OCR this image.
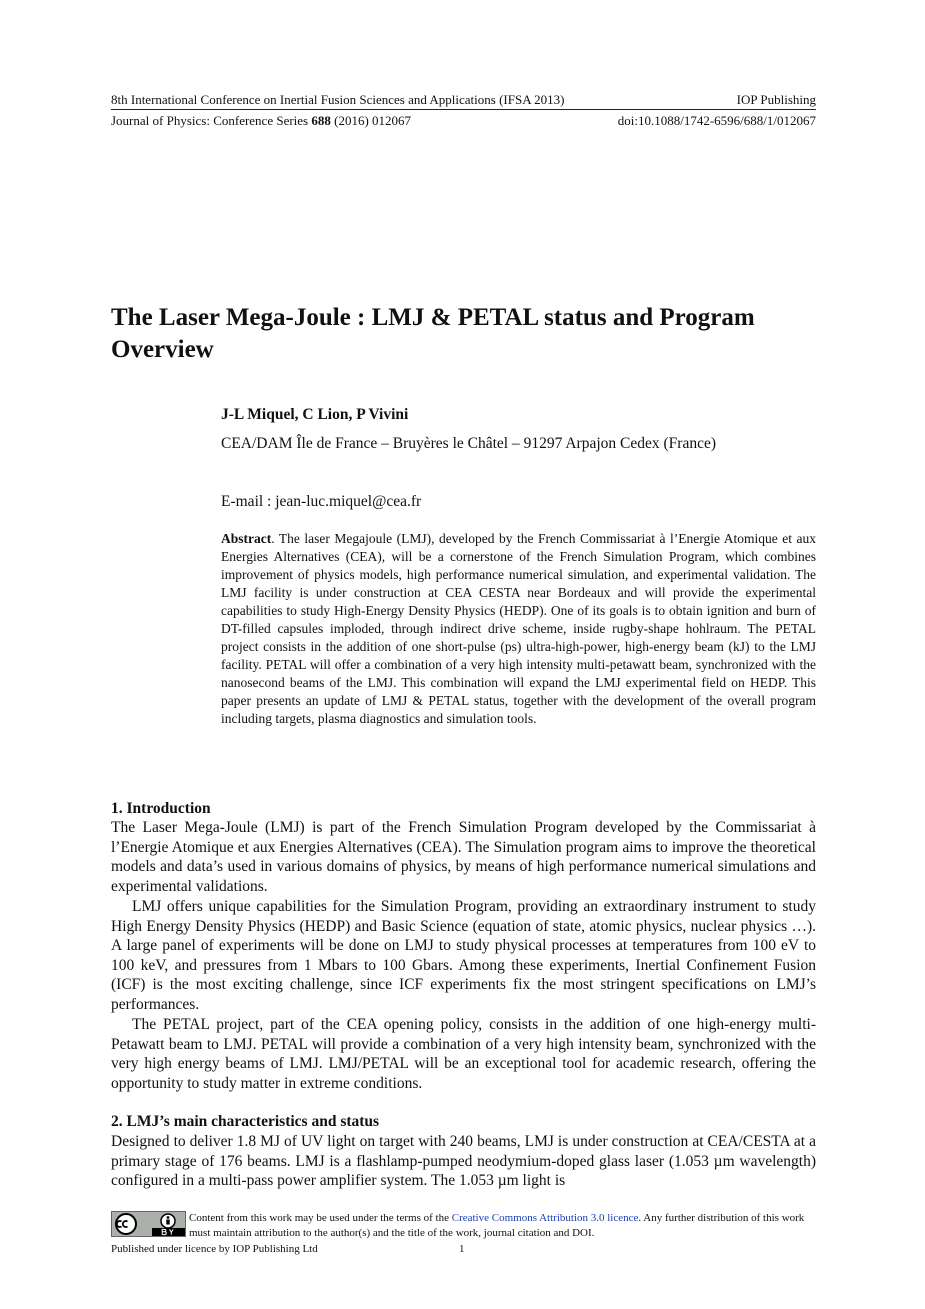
8th International Conference on Inertial Fusion Sciences and Applications (IFSA 2013)	IOP Publishing
Journal of Physics: Conference Series 688 (2016) 012067	doi:10.1088/1742-6596/688/1/012067
The Laser Mega-Joule : LMJ & PETAL status and Program Overview
J-L Miquel, C Lion, P Vivini
CEA/DAM Île de France – Bruyères le Châtel – 91297 Arpajon Cedex (France)
E-mail : jean-luc.miquel@cea.fr

Abstract. The laser Megajoule (LMJ), developed by the French Commissariat à l’Energie Atomique et aux Energies Alternatives (CEA), will be a cornerstone of the French Simulation Program, which combines improvement of physics models, high performance numerical simulation, and experimental validation. The LMJ facility is under construction at CEA CESTA near Bordeaux and will provide the experimental capabilities to study High-Energy Density Physics (HEDP). One of its goals is to obtain ignition and burn of DT-filled capsules imploded, through indirect drive scheme, inside rugby-shape hohlraum. The PETAL project consists in the addition of one short-pulse (ps) ultra-high-power, high-energy beam (kJ) to the LMJ facility. PETAL will offer a combination of a very high intensity multi-petawatt beam, synchronized with the nanosecond beams of the LMJ. This combination will expand the LMJ experimental field on HEDP. This paper presents an update of LMJ & PETAL status, together with the development of the overall program including targets, plasma diagnostics and simulation tools.

1. Introduction

The Laser Mega-Joule (LMJ) is part of the French Simulation Program developed by the Commissariat à l’Energie Atomique et aux Energies Alternatives (CEA). The Simulation program aims to improve the theoretical models and data’s used in various domains of physics, by means of high performance numerical simulations and experimental validations.

LMJ offers unique capabilities for the Simulation Program, providing an extraordinary instrument to study High Energy Density Physics (HEDP) and Basic Science (equation of state, atomic physics, nuclear physics …). A large panel of experiments will be done on LMJ to study physical processes at temperatures from 100 eV to 100 keV, and pressures from 1 Mbars to 100 Gbars. Among these experiments, Inertial Confinement Fusion (ICF) is the most exciting challenge, since ICF experiments fix the most stringent specifications on LMJ’s performances.

The PETAL project, part of the CEA opening policy, consists in the addition of one high-energy multi-Petawatt beam to LMJ. PETAL will provide a combination of a very high intensity beam, synchronized with the very high energy beams of LMJ. LMJ/PETAL will be an exceptional tool for academic research, offering the opportunity to study matter in extreme conditions.

2. LMJ’s main characteristics and status

Designed to deliver 1.8 MJ of UV light on target with 240 beams, LMJ is under construction at CEA/CESTA at a primary stage of 176 beams. LMJ is a flashlamp-pumped neodymium-doped glass laser (1.053 µm wavelength) configured in a multi-pass power amplifier system. The 1.053 µm light is

Content from this work may be used under the terms of the Creative Commons Attribution 3.0 licence. Any further distribution of this work must maintain attribution to the author(s) and the title of the work, journal citation and DOI.

Published under licence by IOP Publishing Ltd	1
